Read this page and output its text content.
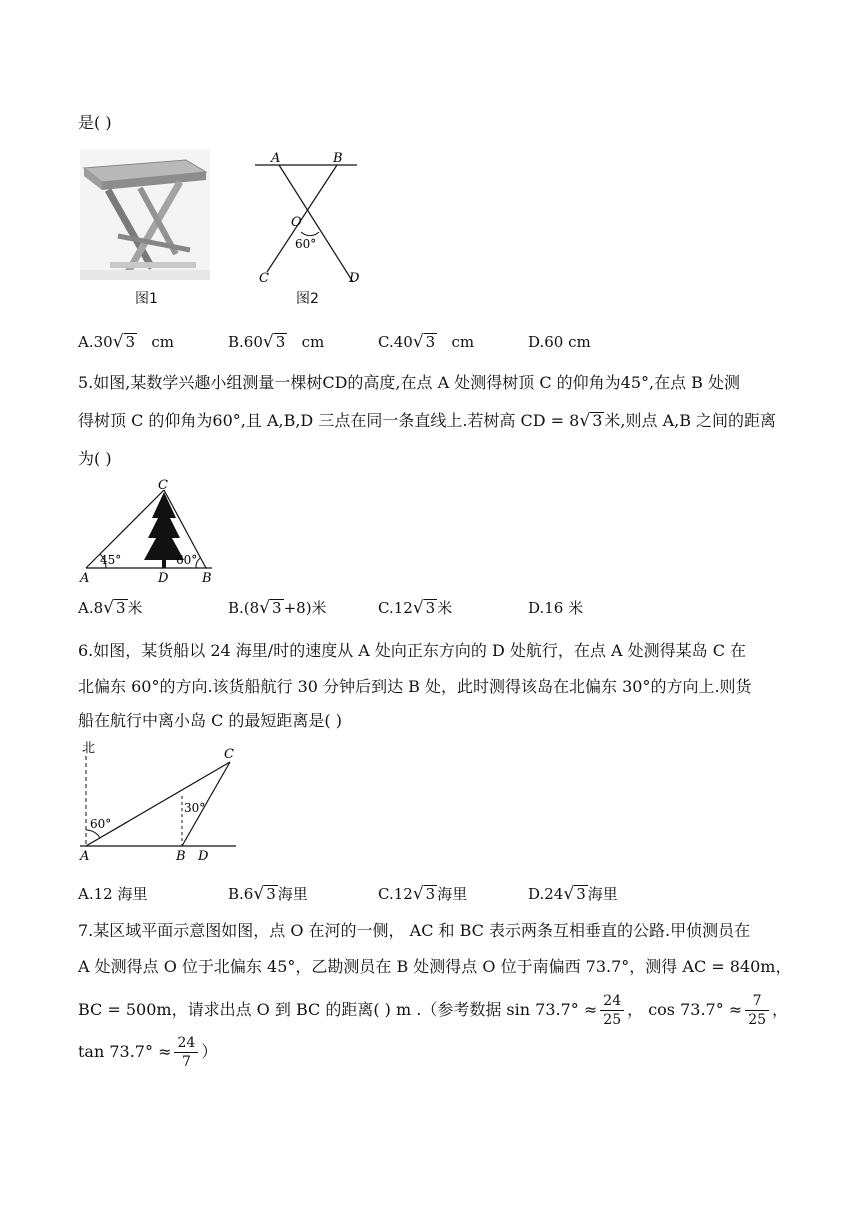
是( )
图1
A	B
O
60°
C	D
图2
A.30√ 3 cm	B.60√ 3 cm	C.40√ 3 cm	D.60 cm
5.如图,某数学兴趣小组测量一棵树CD的高度,在点 A 处测得树顶 C 的仰角为45°,在点 B 处测
得树顶 C 的仰角为60°,且 A,B,D 三点在同一条直线上.若树高 CD = 8√ 3 米,则点 A,B 之间的距离
为( )
C
45°	60°
A	D	B
A.8√ 3 米	B.(8√ 3 +8)米	C.12√ 3 米	D.16 米
6.如图，某货船以 24 海里/时的速度从 A 处向正东方向的 D 处航行，在点 A 处测得某岛 C 在
北偏东 60°的方向.该货船航行 30 分钟后到达 B 处，此时测得该岛在北偏东 30°的方向上.则货
船在航行中离小岛 C 的最短距离是( )
北	C
60°
30°
A	B D
A.12 海里	B.6√ 3 海里	C.12√ 3 海里	D.24√ 3 海里
7.某区域平面示意图如图，点 O 在河的一侧， AC 和 BC 表示两条互相垂直的公路.甲侦测员在
A 处测得点 O 位于北偏东 45°，乙勘测员在 B 处测得点 O 位于南偏西 73.7°，测得 AC = 840m，
BC = 500m，请求出点 O 到 BC 的距离( ) m .（参考数据 $\sin 73.7^\circ \approx \frac{24}{25}$ ， $\cos 73.7^\circ \approx \frac{7}{25}$ ，
$\tan 73.7^\circ \approx \frac{24}{7}$ ）
